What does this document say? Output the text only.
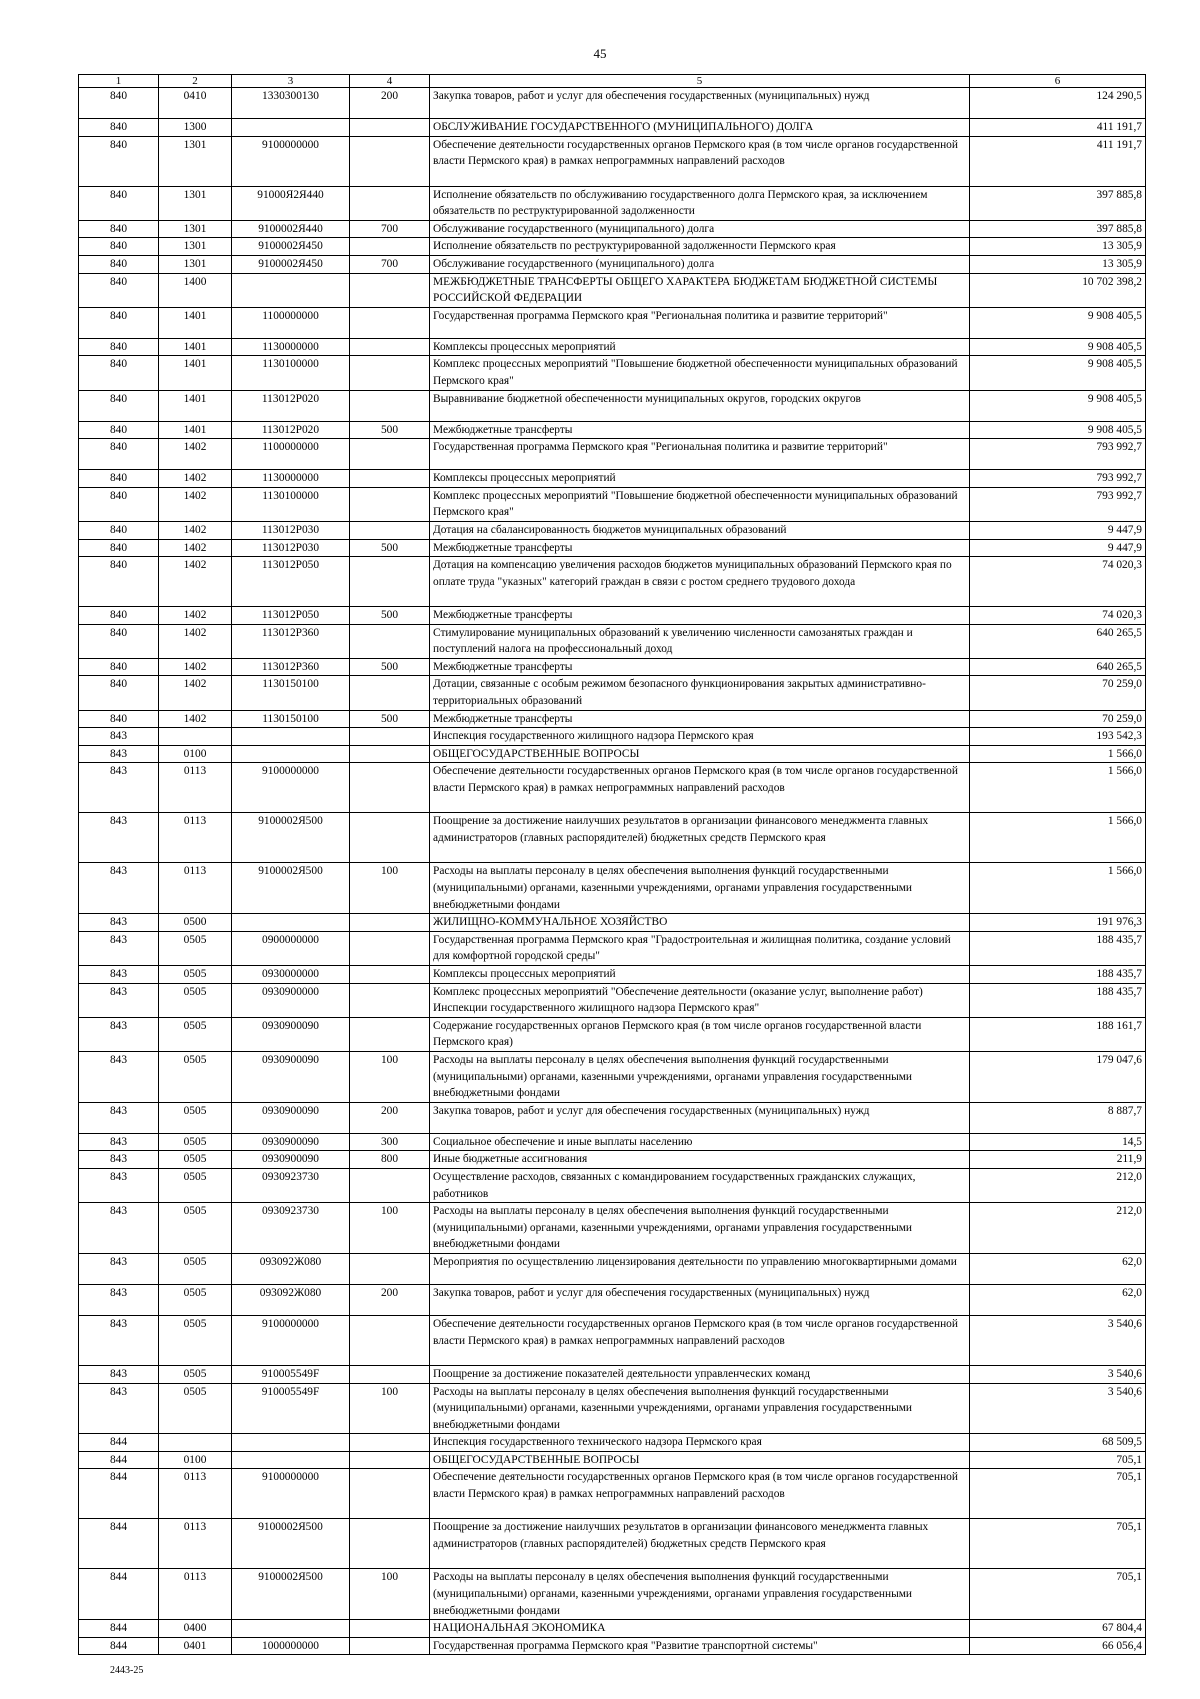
45
1	2	3	4	5	6
840	0410	1330300130	200	Закупка товаров, работ и услуг для обеспечения государственных (муниципальных) нужд	124 290,5
840	1300			ОБСЛУЖИВАНИЕ ГОСУДАРСТВЕННОГО (МУНИЦИПАЛЬНОГО) ДОЛГА	411 191,7
840	1301	9100000000		Обеспечение деятельности государственных органов Пермского края (в том числе органов государственной власти Пермского края) в рамках непрограммных направлений расходов	411 191,7
840	1301	91000Я2Я440		Исполнение обязательств по обслуживанию государственного долга Пермского края, за исключением обязательств по реструктурированной задолженности	397 885,8
840	1301	9100002Я440	700	Обслуживание государственного (муниципального) долга	397 885,8
840	1301	9100002Я450		Исполнение обязательств по реструктурированной задолженности Пермского края	13 305,9
840	1301	9100002Я450	700	Обслуживание государственного (муниципального) долга	13 305,9
840	1400			МЕЖБЮДЖЕТНЫЕ ТРАНСФЕРТЫ ОБЩЕГО ХАРАКТЕРА БЮДЖЕТАМ БЮДЖЕТНОЙ СИСТЕМЫ РОССИЙСКОЙ ФЕДЕРАЦИИ	10 702 398,2
840	1401	1100000000		Государственная программа Пермского края "Региональная политика и развитие территорий"	9 908 405,5
840	1401	1130000000		Комплексы процессных мероприятий	9 908 405,5
840	1401	1130100000		Комплекс процессных мероприятий "Повышение бюджетной обеспеченности муниципальных образований Пермского края"	9 908 405,5
840	1401	113012Р020		Выравнивание бюджетной обеспеченности муниципальных округов, городских округов	9 908 405,5
840	1401	113012Р020	500	Межбюджетные трансферты	9 908 405,5
840	1402	1100000000		Государственная программа Пермского края "Региональная политика и развитие территорий"	793 992,7
840	1402	1130000000		Комплексы процессных мероприятий	793 992,7
840	1402	1130100000		Комплекс процессных мероприятий "Повышение бюджетной обеспеченности муниципальных образований Пермского края"	793 992,7
840	1402	113012Р030		Дотация на сбалансированность бюджетов муниципальных образований	9 447,9
840	1402	113012Р030	500	Межбюджетные трансферты	9 447,9
840	1402	113012Р050		Дотация на компенсацию увеличения расходов бюджетов муниципальных образований Пермского края по оплате труда "указных" категорий граждан в связи с ростом среднего трудового дохода	74 020,3
840	1402	113012Р050	500	Межбюджетные трансферты	74 020,3
840	1402	113012Р360		Стимулирование муниципальных образований к увеличению численности самозанятых граждан и поступлений налога на профессиональный доход	640 265,5
840	1402	113012Р360	500	Межбюджетные трансферты	640 265,5
840	1402	1130150100		Дотации, связанные с особым режимом безопасного функционирования закрытых административно-территориальных образований	70 259,0
840	1402	1130150100	500	Межбюджетные трансферты	70 259,0
843				Инспекция государственного жилищного надзора Пермского края	193 542,3
843	0100			ОБЩЕГОСУДАРСТВЕННЫЕ ВОПРОСЫ	1 566,0
843	0113	9100000000		Обеспечение деятельности государственных органов Пермского края (в том числе органов государственной власти Пермского края) в рамках непрограммных направлений расходов	1 566,0
843	0113	9100002Я500		Поощрение за достижение наилучших результатов в организации финансового менеджмента главных администраторов (главных распорядителей) бюджетных средств Пермского края	1 566,0
843	0113	9100002Я500	100	Расходы на выплаты персоналу в целях обеспечения выполнения функций государственными (муниципальными) органами, казенными учреждениями, органами управления государственными внебюджетными фондами	1 566,0
843	0500			ЖИЛИЩНО-КОММУНАЛЬНОЕ ХОЗЯЙСТВО	191 976,3
843	0505	0900000000		Государственная программа Пермского края "Градостроительная и жилищная политика, создание условий для комфортной городской среды"	188 435,7
843	0505	0930000000		Комплексы процессных мероприятий	188 435,7
843	0505	0930900000		Комплекс процессных мероприятий "Обеспечение деятельности (оказание услуг, выполнение работ) Инспекции государственного жилищного надзора Пермского края"	188 435,7
843	0505	0930900090		Содержание государственных органов Пермского края (в том числе органов государственной власти Пермского края)	188 161,7
843	0505	0930900090	100	Расходы на выплаты персоналу в целях обеспечения выполнения функций государственными (муниципальными) органами, казенными учреждениями, органами управления государственными внебюджетными фондами	179 047,6
843	0505	0930900090	200	Закупка товаров, работ и услуг для обеспечения государственных (муниципальных) нужд	8 887,7
843	0505	0930900090	300	Социальное обеспечение и иные выплаты населению	14,5
843	0505	0930900090	800	Иные бюджетные ассигнования	211,9
843	0505	0930923730		Осуществление расходов, связанных с командированием государственных гражданских служащих, работников	212,0
843	0505	0930923730	100	Расходы на выплаты персоналу в целях обеспечения выполнения функций государственными (муниципальными) органами, казенными учреждениями, органами управления государственными внебюджетными фондами	212,0
843	0505	093092Ж080		Мероприятия по осуществлению лицензирования деятельности по управлению многоквартирными домами	62,0
843	0505	093092Ж080	200	Закупка товаров, работ и услуг для обеспечения государственных (муниципальных) нужд	62,0
843	0505	9100000000		Обеспечение деятельности государственных органов Пермского края (в том числе органов государственной власти Пермского края) в рамках непрограммных направлений расходов	3 540,6
843	0505	910005549F		Поощрение за достижение показателей деятельности управленческих команд	3 540,6
843	0505	910005549F	100	Расходы на выплаты персоналу в целях обеспечения выполнения функций государственными (муниципальными) органами, казенными учреждениями, органами управления государственными внебюджетными фондами	3 540,6
844				Инспекция государственного технического надзора Пермского края	68 509,5
844	0100			ОБЩЕГОСУДАРСТВЕННЫЕ ВОПРОСЫ	705,1
844	0113	9100000000		Обеспечение деятельности государственных органов Пермского края (в том числе органов государственной власти Пермского края) в рамках непрограммных направлений расходов	705,1
844	0113	9100002Я500		Поощрение за достижение наилучших результатов в организации финансового менеджмента главных администраторов (главных распорядителей) бюджетных средств Пермского края	705,1
844	0113	9100002Я500	100	Расходы на выплаты персоналу в целях обеспечения выполнения функций государственными (муниципальными) органами, казенными учреждениями, органами управления государственными внебюджетными фондами	705,1
844	0400			НАЦИОНАЛЬНАЯ ЭКОНОМИКА	67 804,4
844	0401	1000000000		Государственная программа Пермского края "Развитие транспортной системы"	66 056,4
2443-25
